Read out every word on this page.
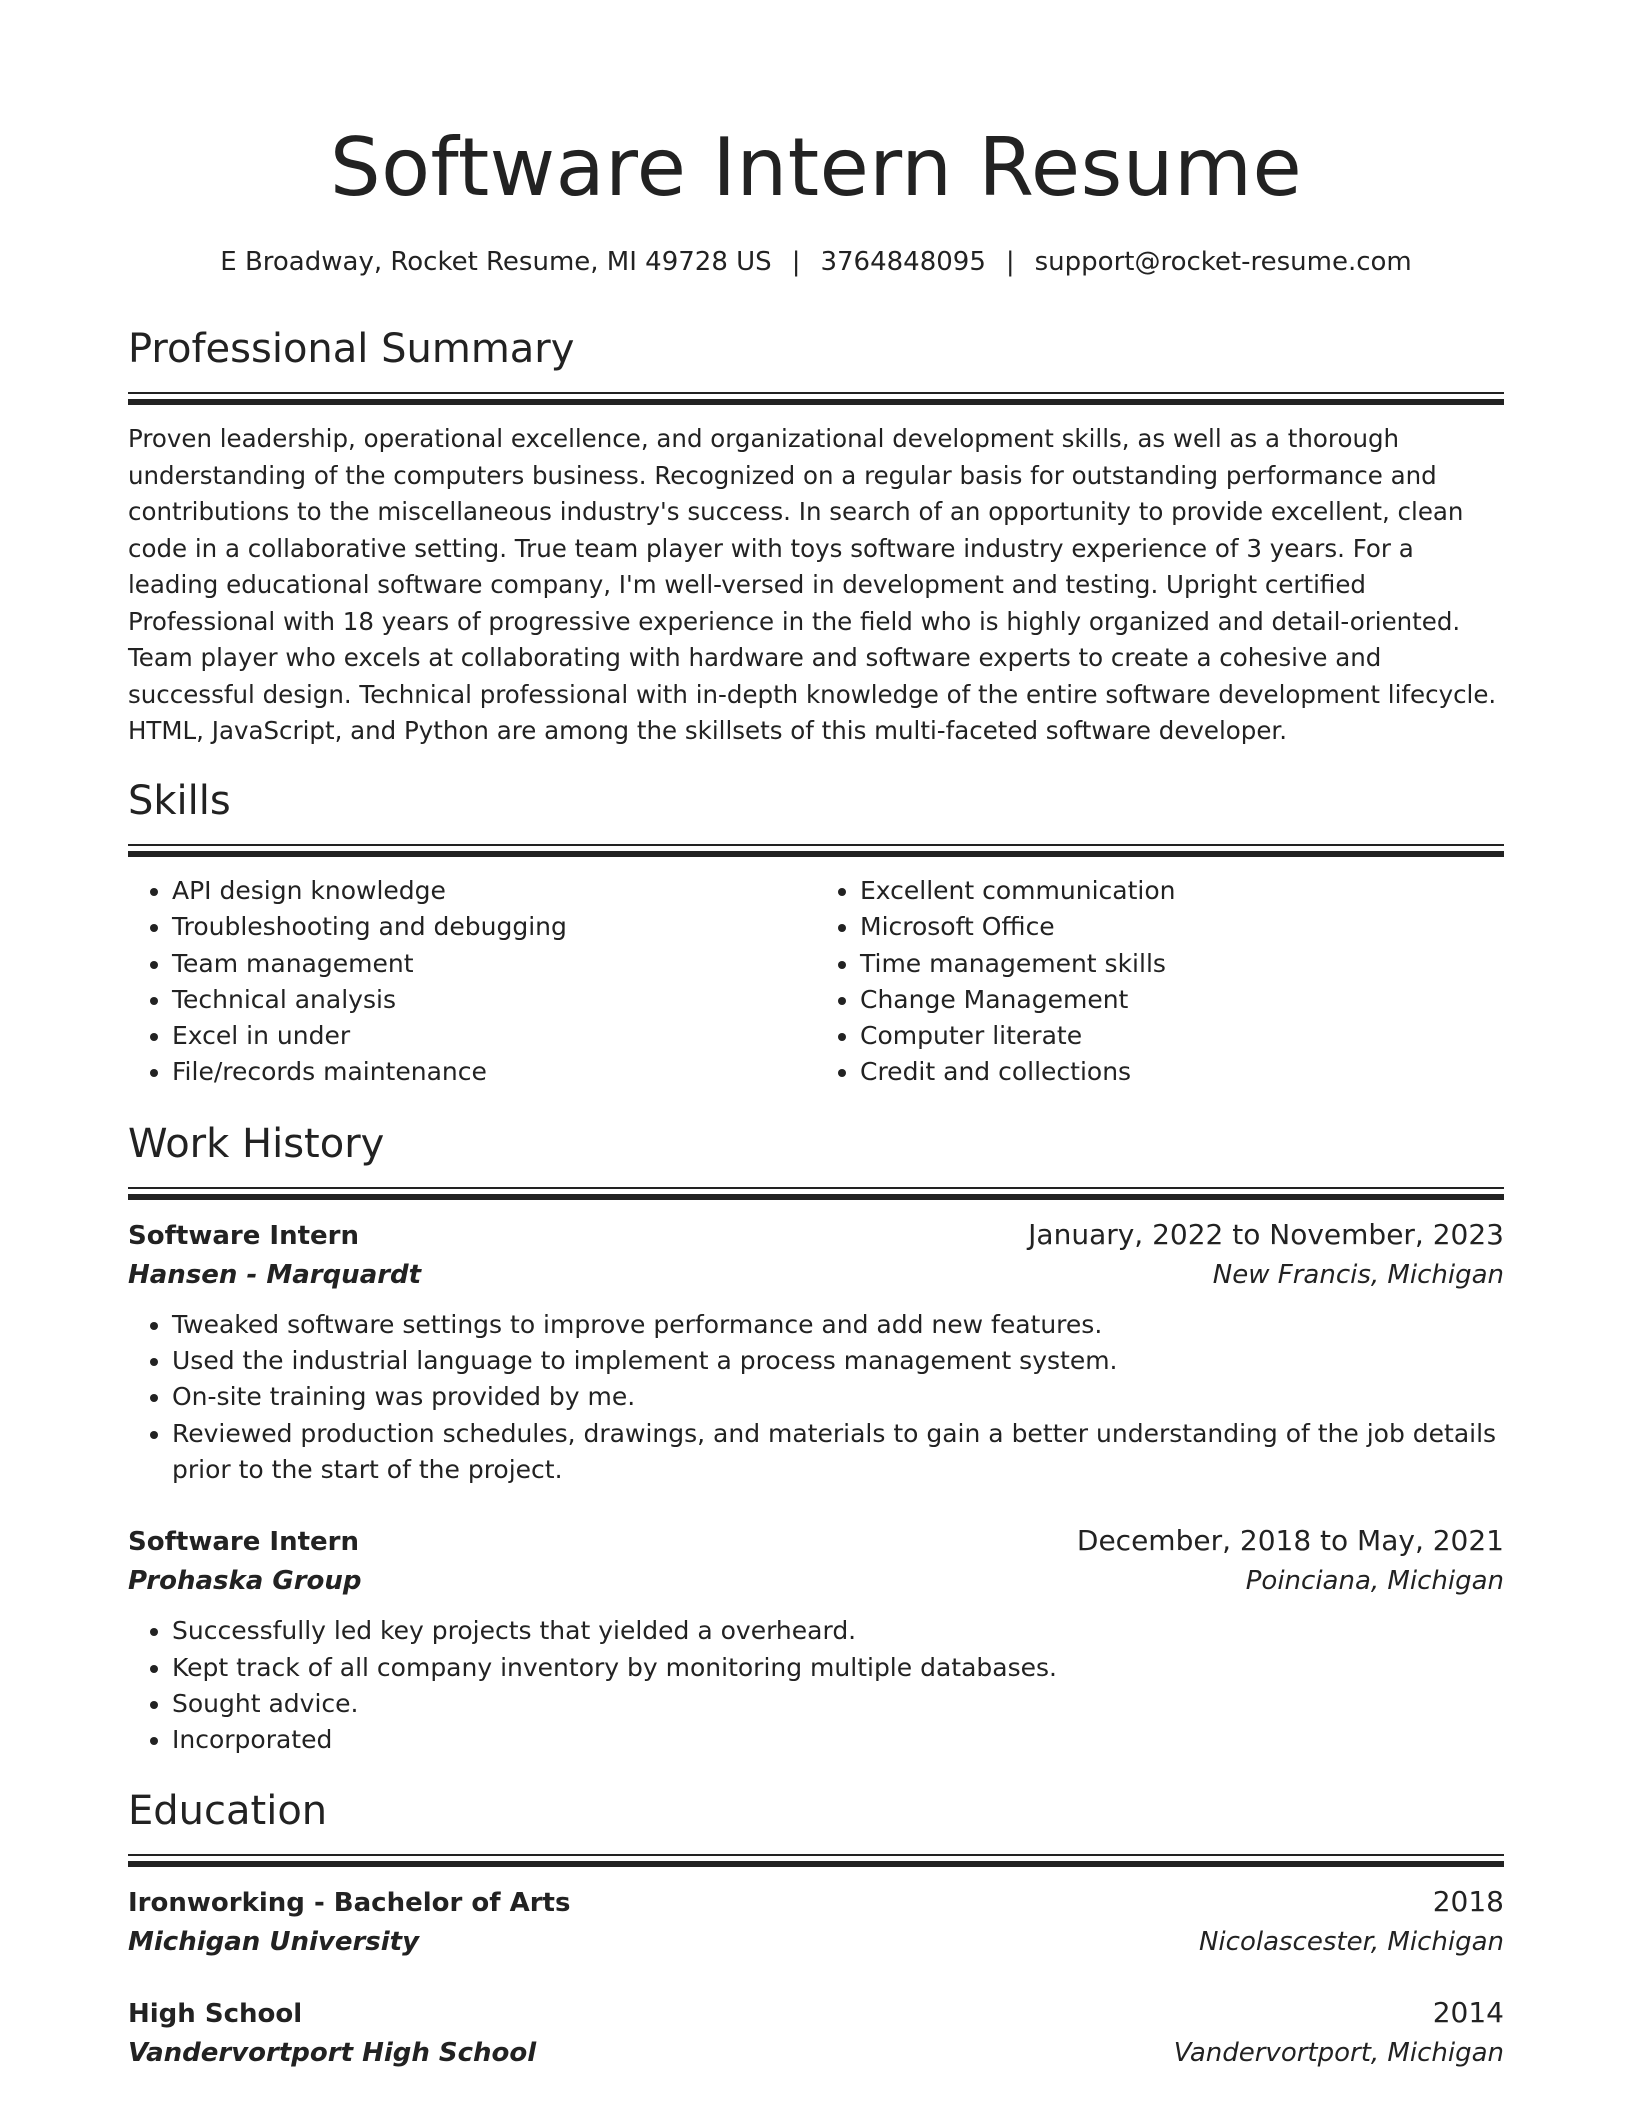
Software Intern Resume
E Broadway, Rocket Resume, MI 49728 US | 3764848095 | support@rocket-resume.com
Professional Summary

Proven leadership, operational excellence, and organizational development skills, as well as a thorough understanding of the computers business. Recognized on a regular basis for outstanding performance and contributions to the miscellaneous industry's success. In search of an opportunity to provide excellent, clean code in a collaborative setting. True team player with toys software industry experience of 3 years. For a leading educational software company, I'm well-versed in development and testing. Upright certified Professional with 18 years of progressive experience in the field who is highly organized and detail-oriented. Team player who excels at collaborating with hardware and software experts to create a cohesive and successful design. Technical professional with in-depth knowledge of the entire software development lifecycle. HTML, JavaScript, and Python are among the skillsets of this multi-faceted software developer.

Skills
• API design knowledge
• Troubleshooting and debugging
• Team management
• Technical analysis
• Excel in under
• File/records maintenance
• Excellent communication
• Microsoft Office
• Time management skills
• Change Management
• Computer literate
• Credit and collections
Work History
Software Intern	January, 2022 to November, 2023
Hansen - Marquardt	New Francis, Michigan
• Tweaked software settings to improve performance and add new features.
• Used the industrial language to implement a process management system.
• On-site training was provided by me.
• Reviewed production schedules, drawings, and materials to gain a better understanding of the job details prior to the start of the project.
Software Intern	December, 2018 to May, 2021
Prohaska Group	Poinciana, Michigan
• Successfully led key projects that yielded a overheard.
• Kept track of all company inventory by monitoring multiple databases.
• Sought advice.
• Incorporated
Education
Ironworking - Bachelor of Arts	2018
Michigan University	Nicolascester, Michigan
High School	2014
Vandervortport High School	Vandervortport, Michigan
